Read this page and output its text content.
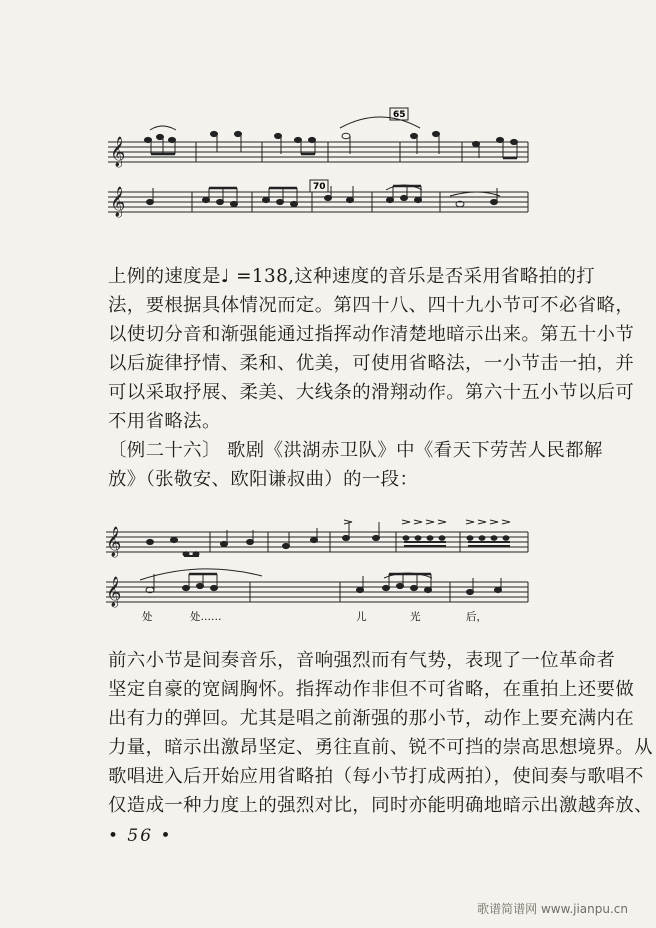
𝄞
65
𝄞	70
上例的速度是♩ =138,这种速度的音乐是否采用省略拍的打
法，要根据具体情况而定。第四十八、四十九小节可不必省略，
以使切分音和渐强能通过指挥动作清楚地暗示出来。第五十小节
以后旋律抒情、柔和、优美，可使用省略法，一小节击一拍，并
可以采取抒展、柔美、大线条的滑翔动作。第六十五小节以后可
不用省略法。
〔例二十六〕 歌剧《洪湖赤卫队》中《看天下劳苦人民都解
放》（张敬安、欧阳谦叔曲）的一段：
𝄞
𝄞
处	处……	儿	光	后，
前六小节是间奏音乐，音响强烈而有气势，表现了一位革命者
坚定自豪的宽阔胸怀。指挥动作非但不可省略，在重拍上还要做
出有力的弹回。尤其是唱之前渐强的那小节，动作上要充满内在
力量，暗示出激昂坚定、勇往直前、锐不可挡的崇高思想境界。从
歌唱进入后开始应用省略拍（每小节打成两拍），使间奏与歌唱不
仅造成一种力度上的强烈对比，同时亦能明确地暗示出激越奔放、
• 56 •
歌谱简谱网 www.jianpu.cn
